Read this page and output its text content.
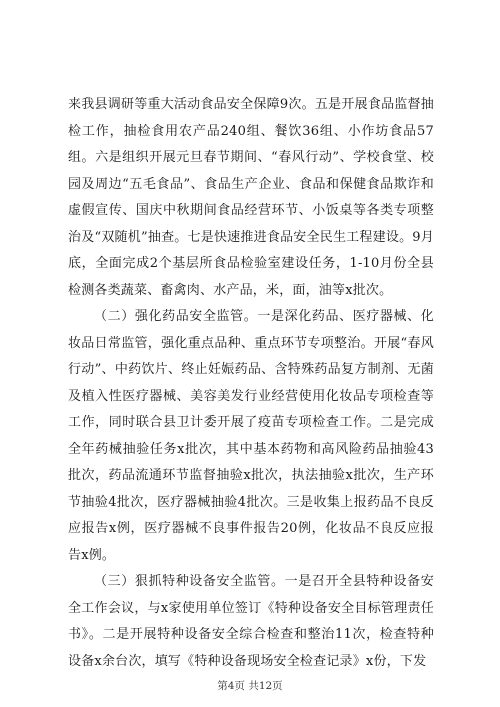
来我县调研等重大活动食品安全保障9次。五是开展食品监督抽检工作，抽检食用农产品240组、餐饮36组、小作坊食品57组。六是组织开展元旦春节期间、“春风行动”、学校食堂、校园及周边“五毛食品”、食品生产企业、食品和保健食品欺诈和虚假宣传、国庆中秋期间食品经营环节、小饭桌等各类专项整治及“双随机”抽查。七是快速推进食品安全民生工程建设。9月底，全面完成2个基层所食品检验室建设任务，1-10月份全县检测各类蔬菜、畜禽肉、水产品，米，面，油等x批次。

（二）强化药品安全监管。一是深化药品、医疗器械、化妆品日常监管，强化重点品种、重点环节专项整治。开展“春风行动”、中药饮片、终止妊娠药品、含特殊药品复方制剂、无菌及植入性医疗器械、美容美发行业经营使用化妆品专项检查等工作，同时联合县卫计委开展了疫苗专项检查工作。二是完成全年药械抽验任务x批次，其中基本药物和高风险药品抽验43批次，药品流通环节监督抽验x批次，执法抽验x批次，生产环节抽验4批次，医疗器械抽验4批次。三是收集上报药品不良反应报告x例，医疗器械不良事件报告20例，化妆品不良反应报告x例。

（三）狠抓特种设备安全监管。一是召开全县特种设备安全工作会议，与x家使用单位签订《特种设备安全目标管理责任书》。二是开展特种设备安全综合检查和整治11次，检查特种设备x余台次，填写《特种设备现场安全检查记录》x份，下发

第4页 共12页
